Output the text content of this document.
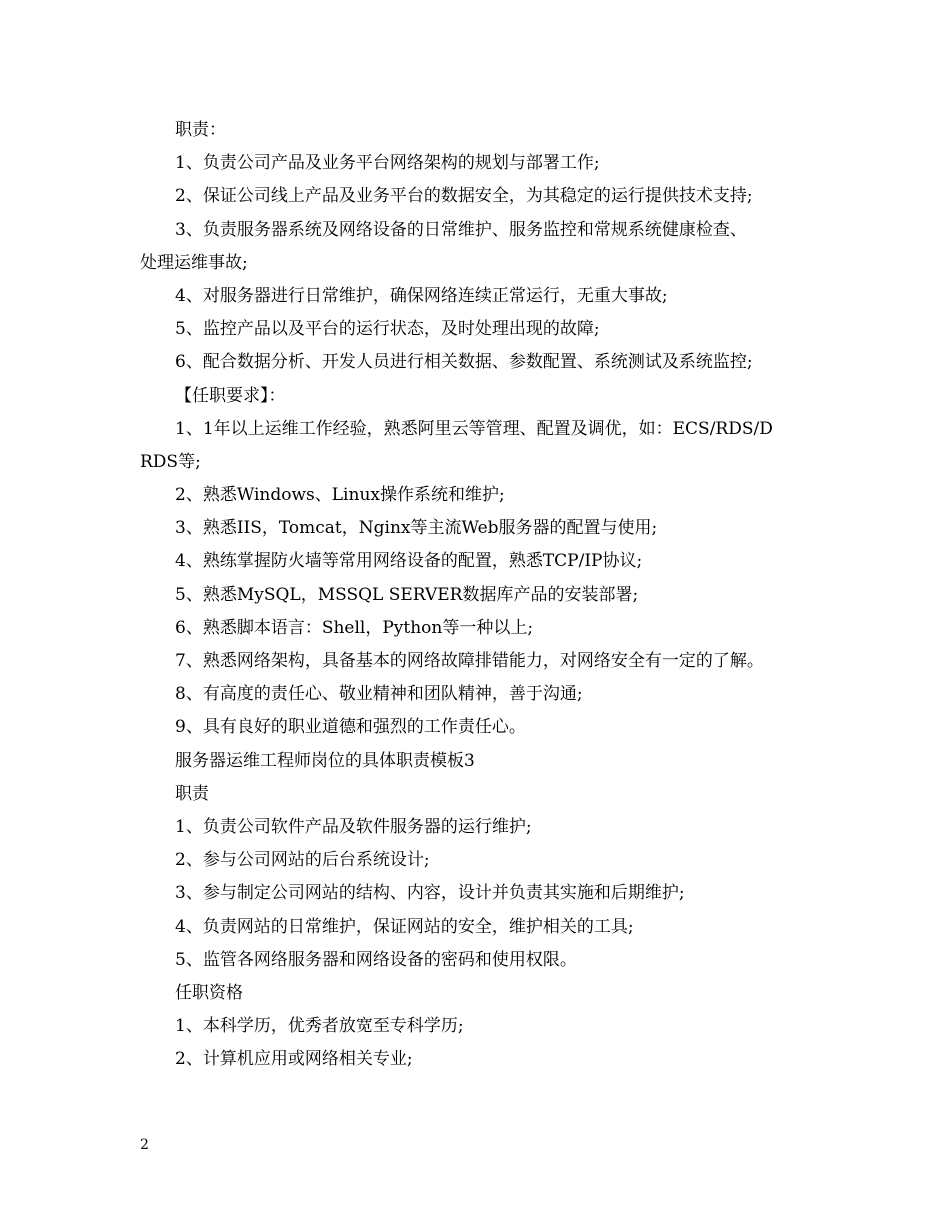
职责：
1、负责公司产品及业务平台网络架构的规划与部署工作;
2、保证公司线上产品及业务平台的数据安全，为其稳定的运行提供技术支持;
3、负责服务器系统及网络设备的日常维护、服务监控和常规系统健康检查、
处理运维事故;
4、对服务器进行日常维护，确保网络连续正常运行，无重大事故;
5、监控产品以及平台的运行状态，及时处理出现的故障;
6、配合数据分析、开发人员进行相关数据、参数配置、系统测试及系统监控;
【任职要求】：
1、1年以上运维工作经验，熟悉阿里云等管理、配置及调优，如：ECS/RDS/D
RDS等;
2、熟悉Windows、Linux操作系统和维护;
3、熟悉IIS，Tomcat，Nginx等主流Web服务器的配置与使用;
4、熟练掌握防火墙等常用网络设备的配置，熟悉TCP/IP协议;
5、熟悉MySQL，MSSQL SERVER数据库产品的安装部署;
6、熟悉脚本语言：Shell，Python等一种以上;
7、熟悉网络架构，具备基本的网络故障排错能力，对网络安全有一定的了解。
8、有高度的责任心、敬业精神和团队精神，善于沟通;
9、具有良好的职业道德和强烈的工作责任心。
服务器运维工程师岗位的具体职责模板3
职责
1、负责公司软件产品及软件服务器的运行维护;
2、参与公司网站的后台系统设计;
3、参与制定公司网站的结构、内容，设计并负责其实施和后期维护;
4、负责网站的日常维护，保证网站的安全，维护相关的工具;
5、监管各网络服务器和网络设备的密码和使用权限。
任职资格
1、本科学历，优秀者放宽至专科学历;
2、计算机应用或网络相关专业;
2
